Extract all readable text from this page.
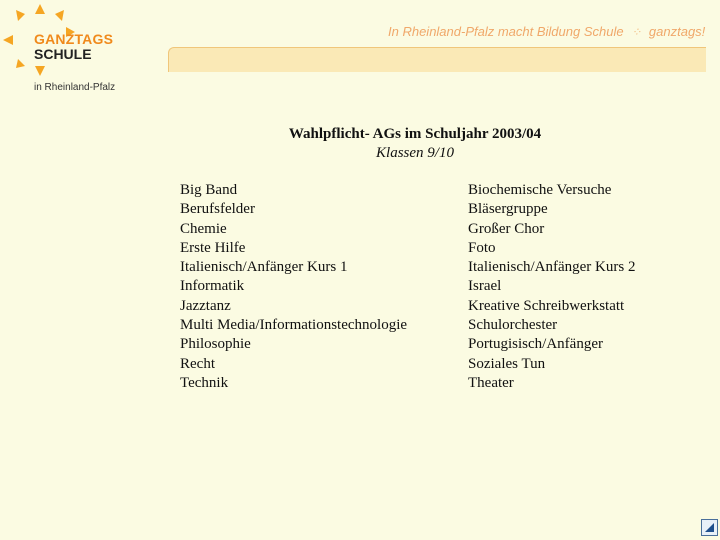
GANZTAGS
SCHULE
in Rheinland-Pfalz
In Rheinland-Pfalz macht Bildung Schule ⁘ ganztags!
Wahlpflicht- AGs im Schuljahr 2003/04
Klassen 9/10
Big Band
Berufsfelder
Chemie
Erste Hilfe
Italienisch/Anfänger Kurs 1
Informatik
Jazztanz
Multi Media/Informationstechnologie
Philosophie
Recht
Technik
Biochemische Versuche
Bläsergruppe
Großer Chor
Foto
Italienisch/Anfänger Kurs 2
Israel
Kreative Schreibwerkstatt
Schulorchester
Portugisisch/Anfänger
Soziales Tun
Theater
